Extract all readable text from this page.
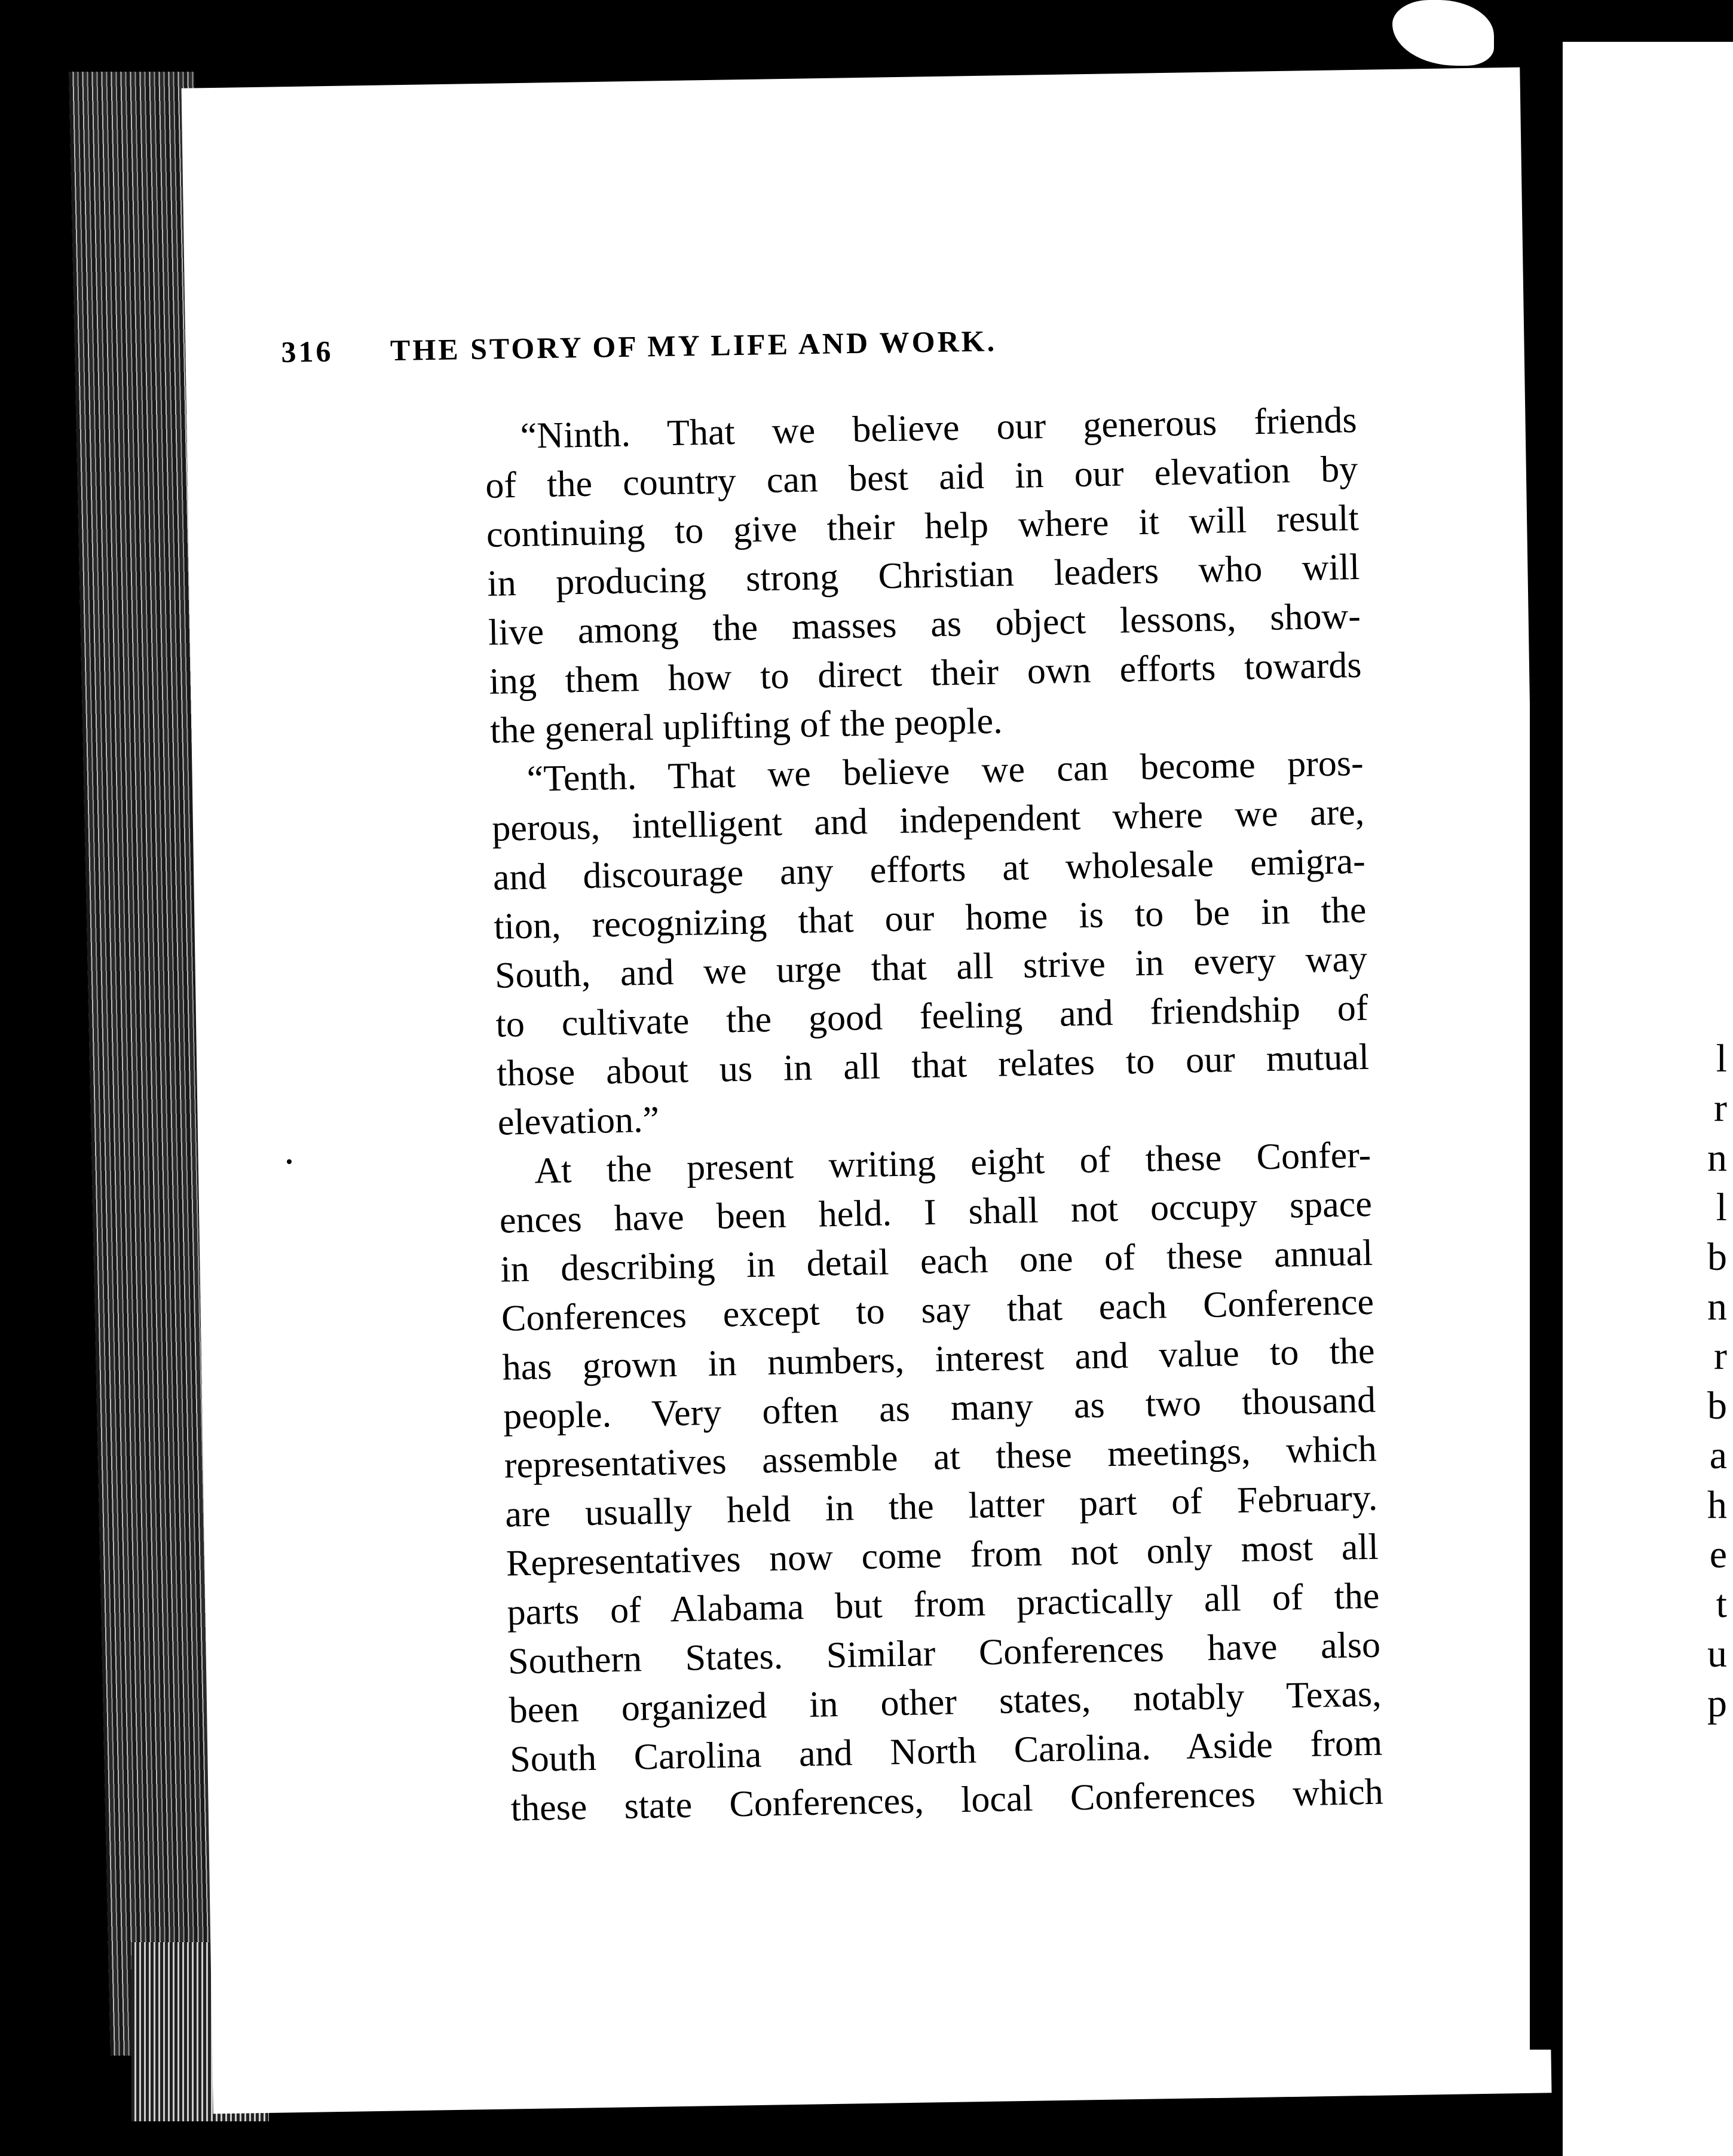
l
r
n
l
b
n
r
b
a
h
e
t
u
p
316 THE STORY OF MY LIFE AND WORK.
“Ninth. That we believe our generous friends
of the country can best aid in our elevation by
continuing to give their help where it will result
in producing strong Christian leaders who will
live among the masses as object lessons, show-
ing them how to direct their own efforts towards
the general uplifting of the people.
“Tenth. That we believe we can become pros-
perous, intelligent and independent where we are,
and discourage any efforts at wholesale emigra-
tion, recognizing that our home is to be in the
South, and we urge that all strive in every way
to cultivate the good feeling and friendship of
those about us in all that relates to our mutual
elevation.”
At the present writing eight of these Confer-
ences have been held. I shall not occupy space
in describing in detail each one of these annual
Conferences except to say that each Conference
has grown in numbers, interest and value to the
people. Very often as many as two thousand
representatives assemble at these meetings, which
are usually held in the latter part of February.
Representatives now come from not only most all
parts of Alabama but from practically all of the
Southern States. Similar Conferences have also
been organized in other states, notably Texas,
South Carolina and North Carolina. Aside from
these state Conferences, local Conferences which
